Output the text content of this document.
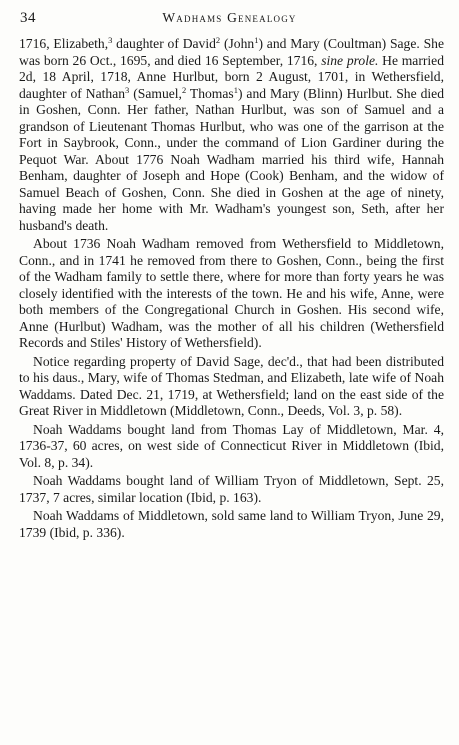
34	Wadhams Genealogy

1716, Elizabeth,$^3$ daughter of David$^2$ (John$^1$) and Mary (Coultman) Sage. She was born 26 Oct., 1695, and died 16 September, 1716, sine prole. He married 2d, 18 April, 1718, Anne Hurlbut, born 2 August, 1701, in Wethersfield, daughter of Nathan$^3$ (Samuel,$^2$ Thomas$^1$) and Mary (Blinn) Hurlbut. She died in Goshen, Conn. Her father, Nathan Hurlbut, was son of Samuel and a grandson of Lieutenant Thomas Hurlbut, who was one of the garrison at the Fort in Saybrook, Conn., under the command of Lion Gardiner during the Pequot War. About 1776 Noah Wadham married his third wife, Hannah Benham, daughter of Joseph and Hope (Cook) Benham, and the widow of Samuel Beach of Goshen, Conn. She died in Goshen at the age of ninety, having made her home with Mr. Wadham's youngest son, Seth, after her husband's death.

About 1736 Noah Wadham removed from Wethersfield to Middletown, Conn., and in 1741 he removed from there to Goshen, Conn., being the first of the Wadham family to settle there, where for more than forty years he was closely identified with the interests of the town. He and his wife, Anne, were both members of the Congregational Church in Goshen. His second wife, Anne (Hurlbut) Wadham, was the mother of all his children (Wethersfield Records and Stiles' History of Wethersfield).

Notice regarding property of David Sage, dec'd., that had been distributed to his daus., Mary, wife of Thomas Stedman, and Elizabeth, late wife of Noah Waddams. Dated Dec. 21, 1719, at Wethersfield; land on the east side of the Great River in Middletown (Middletown, Conn., Deeds, Vol. 3, p. 58).

Noah Waddams bought land from Thomas Lay of Middletown, Mar. 4, 1736-37, 60 acres, on west side of Connecticut River in Middletown (Ibid, Vol. 8, p. 34).

Noah Waddams bought land of William Tryon of Middletown, Sept. 25, 1737, 7 acres, similar location (Ibid, p. 163).

Noah Waddams of Middletown, sold same land to William Tryon, June 29, 1739 (Ibid, p. 336).
